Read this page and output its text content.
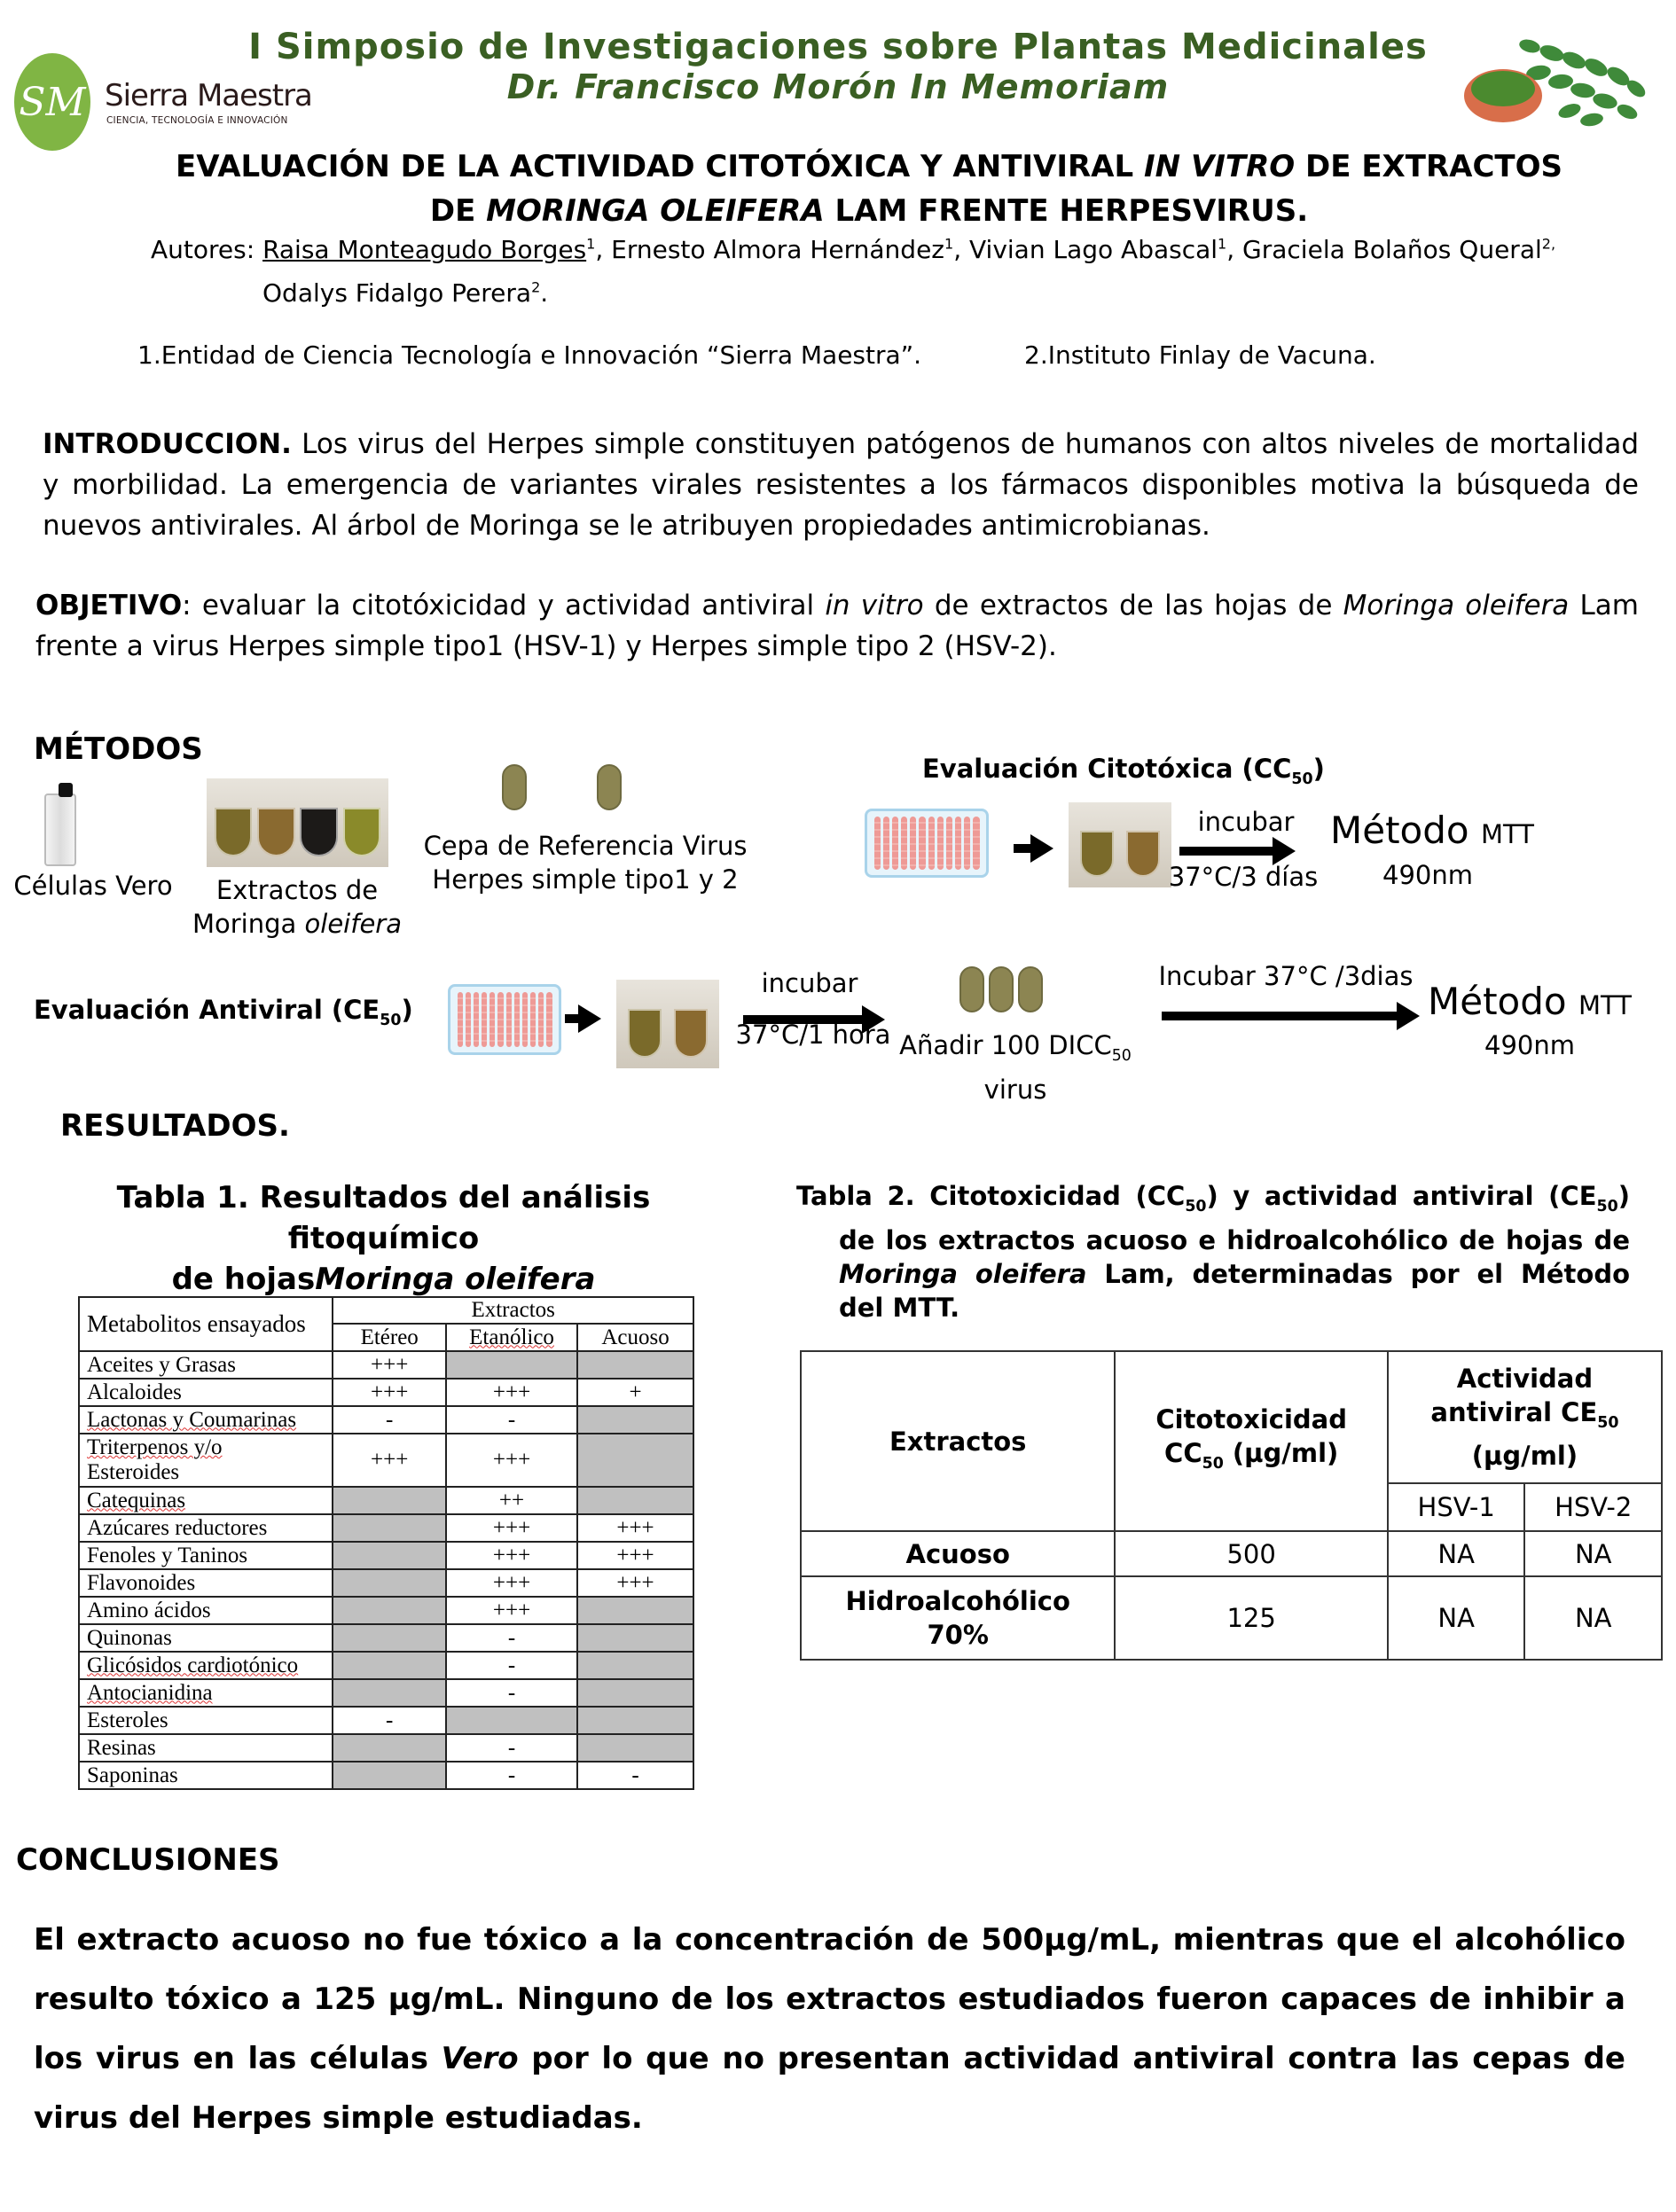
SM Sierra Maestra
CIENCIA, TECNOLOGÍA E INNOVACIÓN
I Simposio de Investigaciones sobre Plantas Medicinales
Dr. Francisco Morón In Memoriam
EVALUACIÓN DE LA ACTIVIDAD CITOTÓXICA Y ANTIVIRAL IN VITRO DE EXTRACTOS
DE MORINGA OLEIFERA LAM FRENTE HERPESVIRUS.
Autores: Raisa Monteagudo Borges$^1$, Ernesto Almora Hernández$^1$, Vivian Lago Abascal$^1$, Graciela Bolaños Queral$^{2,}$
Odalys Fidalgo Perera$^2$.
1.Entidad de Ciencia Tecnología e Innovación “Sierra Maestra”.	2.Instituto Finlay de Vacuna.
INTRODUCCION. Los virus del Herpes simple constituyen patógenos de humanos con altos niveles de mortalidad y morbilidad. La emergencia de variantes virales resistentes a los fármacos disponibles motiva la búsqueda de nuevos antivirales. Al árbol de Moringa se le atribuyen propiedades antimicrobianas.
OBJETIVO: evaluar la citotóxicidad y actividad antiviral in vitro de extractos de las hojas de Moringa oleifera Lam frente a virus Herpes simple tipo1 (HSV-1) y Herpes simple tipo 2 (HSV-2).
MÉTODOS
Células Vero	Extractos de
Moringa oleifera
Cepa de Referencia Virus
Herpes simple tipo1 y 2
Evaluación Citotóxica $(CC_{50})$
incubar
37°C/3 días
Método MTT
490nm
Evaluación Antiviral $(CE_{50})$
incubar
37°C/1 hora
Añadir 100 $DICC_{50}$
virus
Incubar 37°C /3dias
Método MTT
490nm
RESULTADOS.
Tabla 1. Resultados del análisis fitoquímico
de hojasMoringa oleifera
Metabolitos ensayados	Extractos		
	Etéreo	Etanólico	Acuoso
Aceites y Grasas	+++		
Alcaloides	+++	+++	+
Lactonas y Coumarinas	-	-	
Triterpenos y/o
Esteroides	+++	+++	
Catequinas		++	
Azúcares reductores		+++	+++
Fenoles y Taninos		+++	+++
Flavonoides		+++	+++
Amino ácidos		+++	
Quinonas		-	
Glicósidos cardiotónico		-	
Antocianidina		-	
Esteroles	-		
Resinas		-	
Saponinas		-	-
Tabla 2. Citotoxicidad $(CC_{50})$ y actividad antiviral $(CE_{50})$ de los extractos acuoso e hidroalcohólico de hojas de Moringa oleifera Lam, determinadas por el Método del MTT.
Extractos	
Citotoxicidad
$CC_{50}$ (µg/ml)

Actividad
antiviral $CE_{50}$
(µg/ml)

		HSV-1	HSV-2
Acuoso	500	NA	NA

Hidroalcohólico
70%	125	NA	NA
CONCLUSIONES
El extracto acuoso no fue tóxico a la concentración de 500µg/mL, mientras que el alcohólico resulto tóxico a 125 µg/mL. Ninguno de los extractos estudiados fueron capaces de inhibir a los virus en las células Vero por lo que no presentan actividad antiviral contra las cepas de virus del Herpes simple estudiadas.
